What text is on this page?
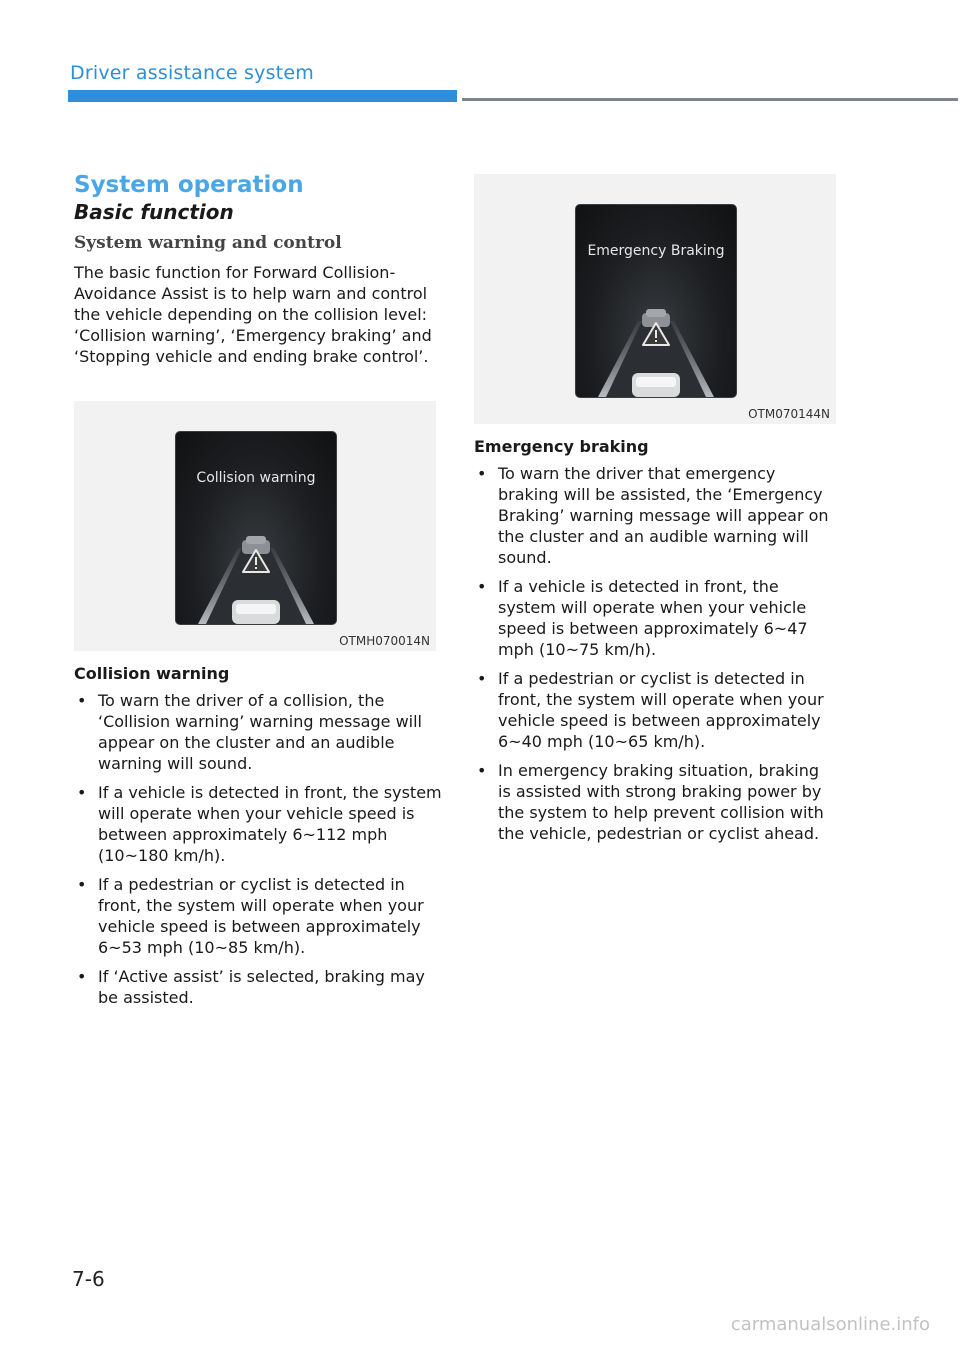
Driver assistance system
System operation
Basic function
System warning and control

The basic function for Forward Collision-Avoidance Assist is to help warn and control the vehicle depending on the collision level: ‘Collision warning’, ‘Emergency braking’ and ‘Stopping vehicle and ending brake control’.

Collision warning
OTMH070014N
Collision warning
• To warn the driver of a collision, the ‘Collision warning’ warning message will appear on the cluster and an audible warning will sound.
• If a vehicle is detected in front, the system will operate when your vehicle speed is between approximately 6~112 mph (10~180 km/h).
• If a pedestrian or cyclist is detected in front, the system will operate when your vehicle speed is between approximately 6~53 mph (10~85 km/h).
• If ‘Active assist’ is selected, braking may be assisted.
Emergency Braking
OTM070144N
Emergency braking
• To warn the driver that emergency braking will be assisted, the ‘Emergency Braking’ warning message will appear on the cluster and an audible warning will sound.
• If a vehicle is detected in front, the system will operate when your vehicle speed is between approximately 6~47 mph (10~75 km/h).
• If a pedestrian or cyclist is detected in front, the system will operate when your vehicle speed is between approximately 6~40 mph (10~65 km/h).
• In emergency braking situation, braking is assisted with strong braking power by the system to help prevent collision with the vehicle, pedestrian or cyclist ahead.
7-6
carmanualsonline.info
